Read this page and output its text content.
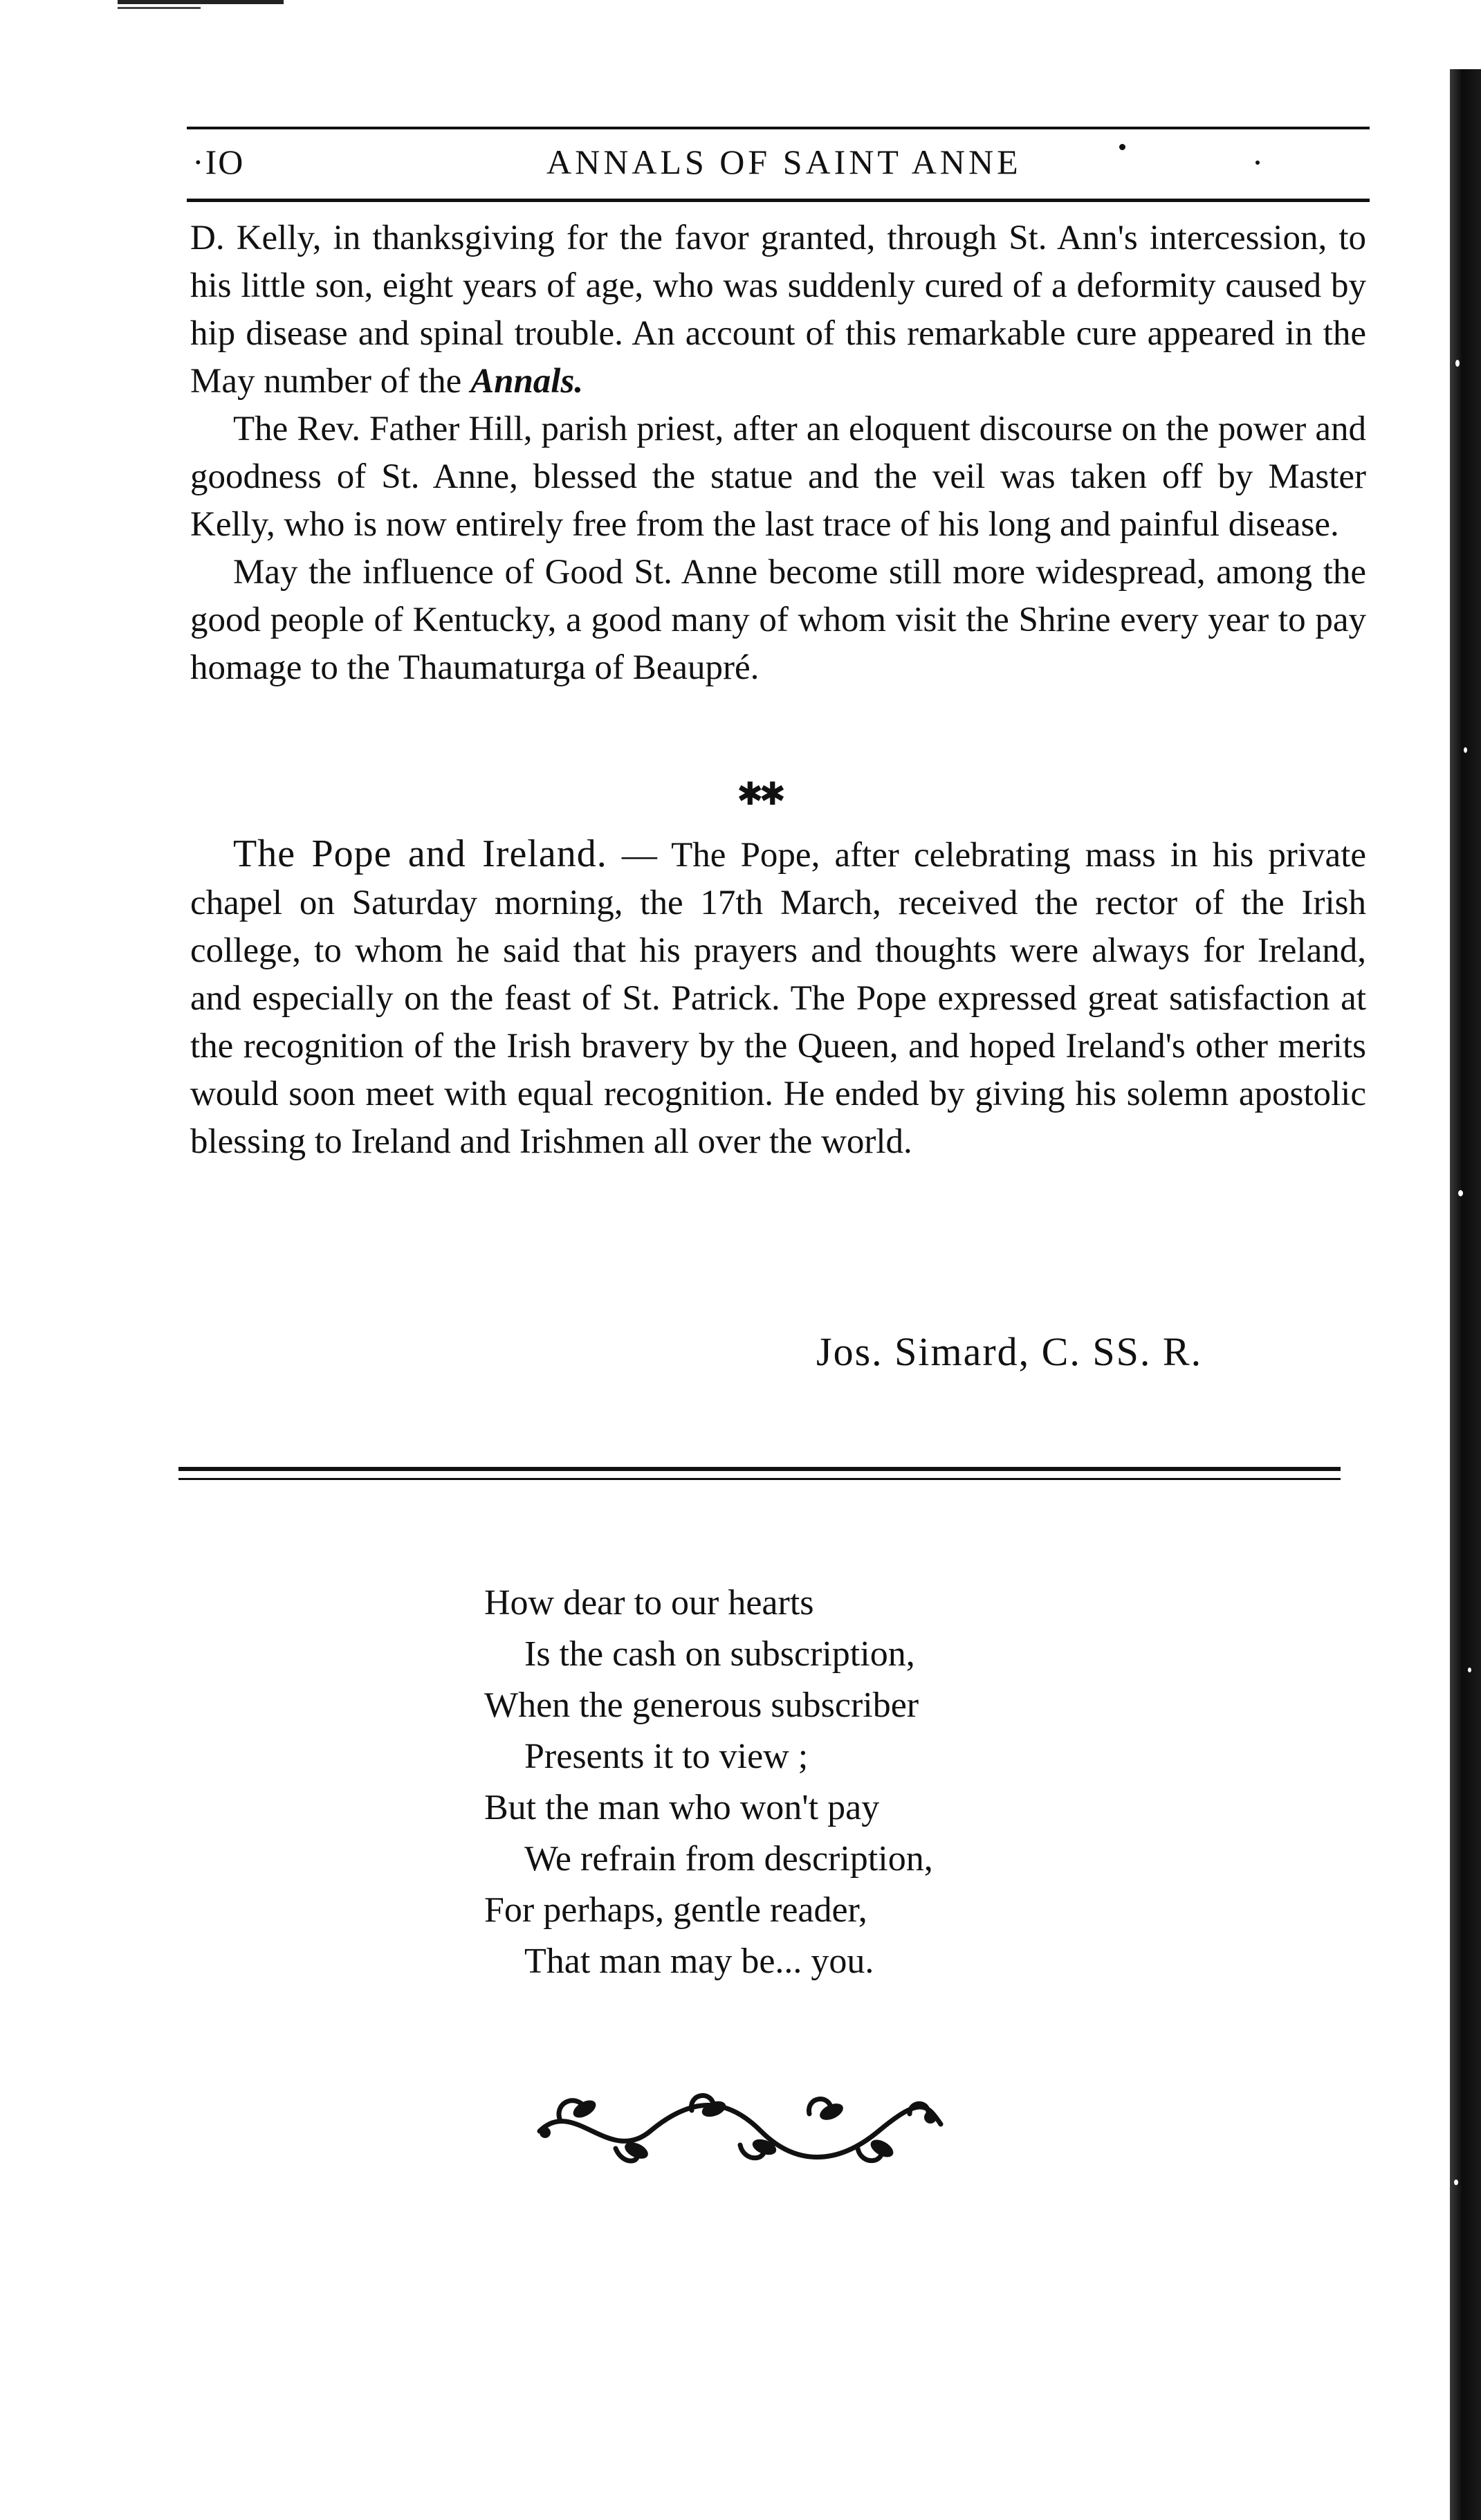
·IO	ANNALS OF SAINT ANNE

D. Kelly, in thanksgiving for the favor granted, through St. Ann's intercession, to his little son, eight years of age, who was suddenly cured of a deformity caused by hip disease and spinal trouble. An account of this remarkable cure appeared in the May number of the Annals.

The Rev. Father Hill, parish priest, after an eloquent discourse on the power and goodness of St. Anne, blessed the statue and the veil was taken off by Master Kelly, who is now entirely free from the last trace of his long and painful disease.

May the influence of Good St. Anne become still more widespread, among the good people of Kentucky, a good many of whom visit the Shrine every year to pay homage to the Thaumaturga of Beaupré.

✱✱

The Pope and Ireland. — The Pope, after celebrating mass in his private chapel on Saturday morning, the 17th March, received the rector of the Irish college, to whom he said that his prayers and thoughts were always for Ireland, and especially on the feast of St. Patrick. The Pope expressed great satisfaction at the recognition of the Irish bravery by the Queen, and hoped Ireland's other merits would soon meet with equal recognition. He ended by giving his solemn apostolic blessing to Ireland and Irishmen all over the world.

Jos. Simard, C. SS. R.
How dear to our hearts
Is the cash on subscription,
When the generous subscriber
Presents it to view ;
But the man who won't pay
We refrain from description,
For perhaps, gentle reader,
That man may be... you.
